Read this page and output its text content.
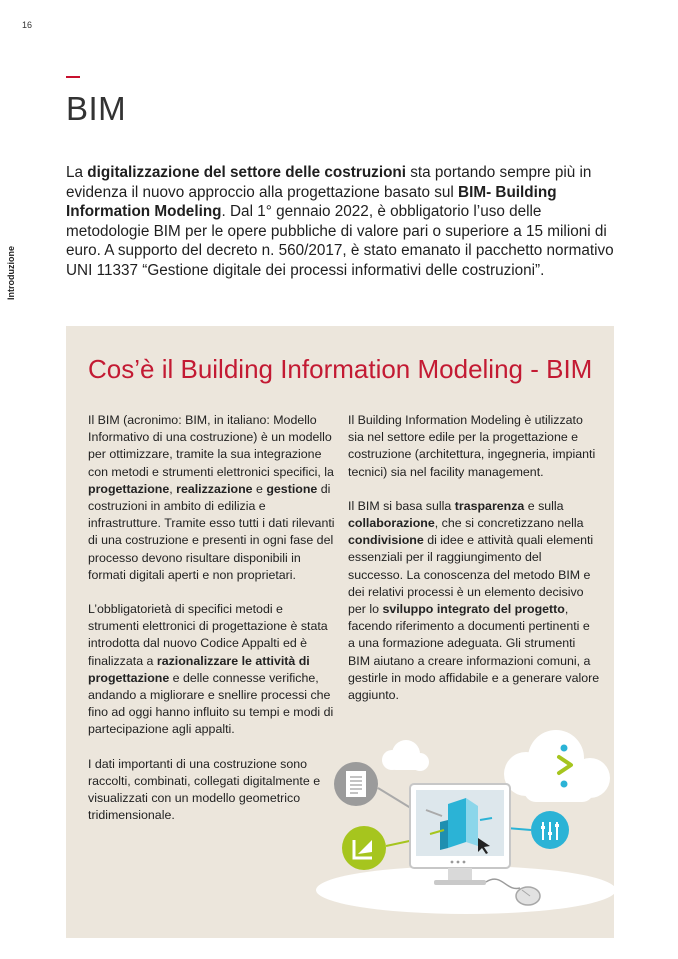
16
Introduzione
BIM
La digitalizzazione del settore delle costruzioni sta portando sempre più in evidenza il nuovo approccio alla progettazione basato sul BIM- Building Information Modeling. Dal 1° gennaio 2022, è obbligatorio l’uso delle metodologie BIM per le opere pubbliche di valore pari o superiore a 15 milioni di euro. A supporto del decreto n. 560/2017, è stato emanato il pacchetto normativo UNI 11337 “Gestione digitale dei processi informativi delle costruzioni”.
Cos’è il Building Information Modeling - BIM

Il BIM (acronimo: BIM, in italiano: Modello Informativo di una costruzione) è un modello per ottimizzare, tramite la sua integrazione con metodi e strumenti elettronici specifici, la progettazione, realizzazione e gestione di costruzioni in ambito di edilizia e infrastrutture. Tramite esso tutti i dati rilevanti di una costruzione e presenti in ogni fase del processo devono risultare disponibili in formati digitali aperti e non proprietari.

L’obbligatorietà di specifici metodi e strumenti elettronici di progettazione è stata introdotta dal nuovo Codice Appalti ed è finalizzata a razionalizzare le attività di progettazione e delle connesse verifiche, andando a migliorare e snellire processi che fino ad oggi hanno influito su tempi e modi di partecipazione agli appalti.

I dati importanti di una costruzione sono raccolti, combinati, collegati digitalmente e visualizzati con un modello geometrico tridimensionale.

Il Building Information Modeling è utilizzato sia nel settore edile per la progettazione e costruzione (architettura, ingegneria, impianti tecnici) sia nel facility management.

Il BIM si basa sulla trasparenza e sulla collaborazione, che si concretizzano nella condivisione di idee e attività quali elementi essenziali per il raggiungimento del successo. La conoscenza del metodo BIM e dei relativi processi è un elemento decisivo per lo sviluppo integrato del progetto, facendo riferimento a documenti pertinenti e a una formazione adeguata. Gli strumenti BIM aiutano a creare informazioni comuni, a gestirle in modo affidabile e a generare valore aggiunto.
